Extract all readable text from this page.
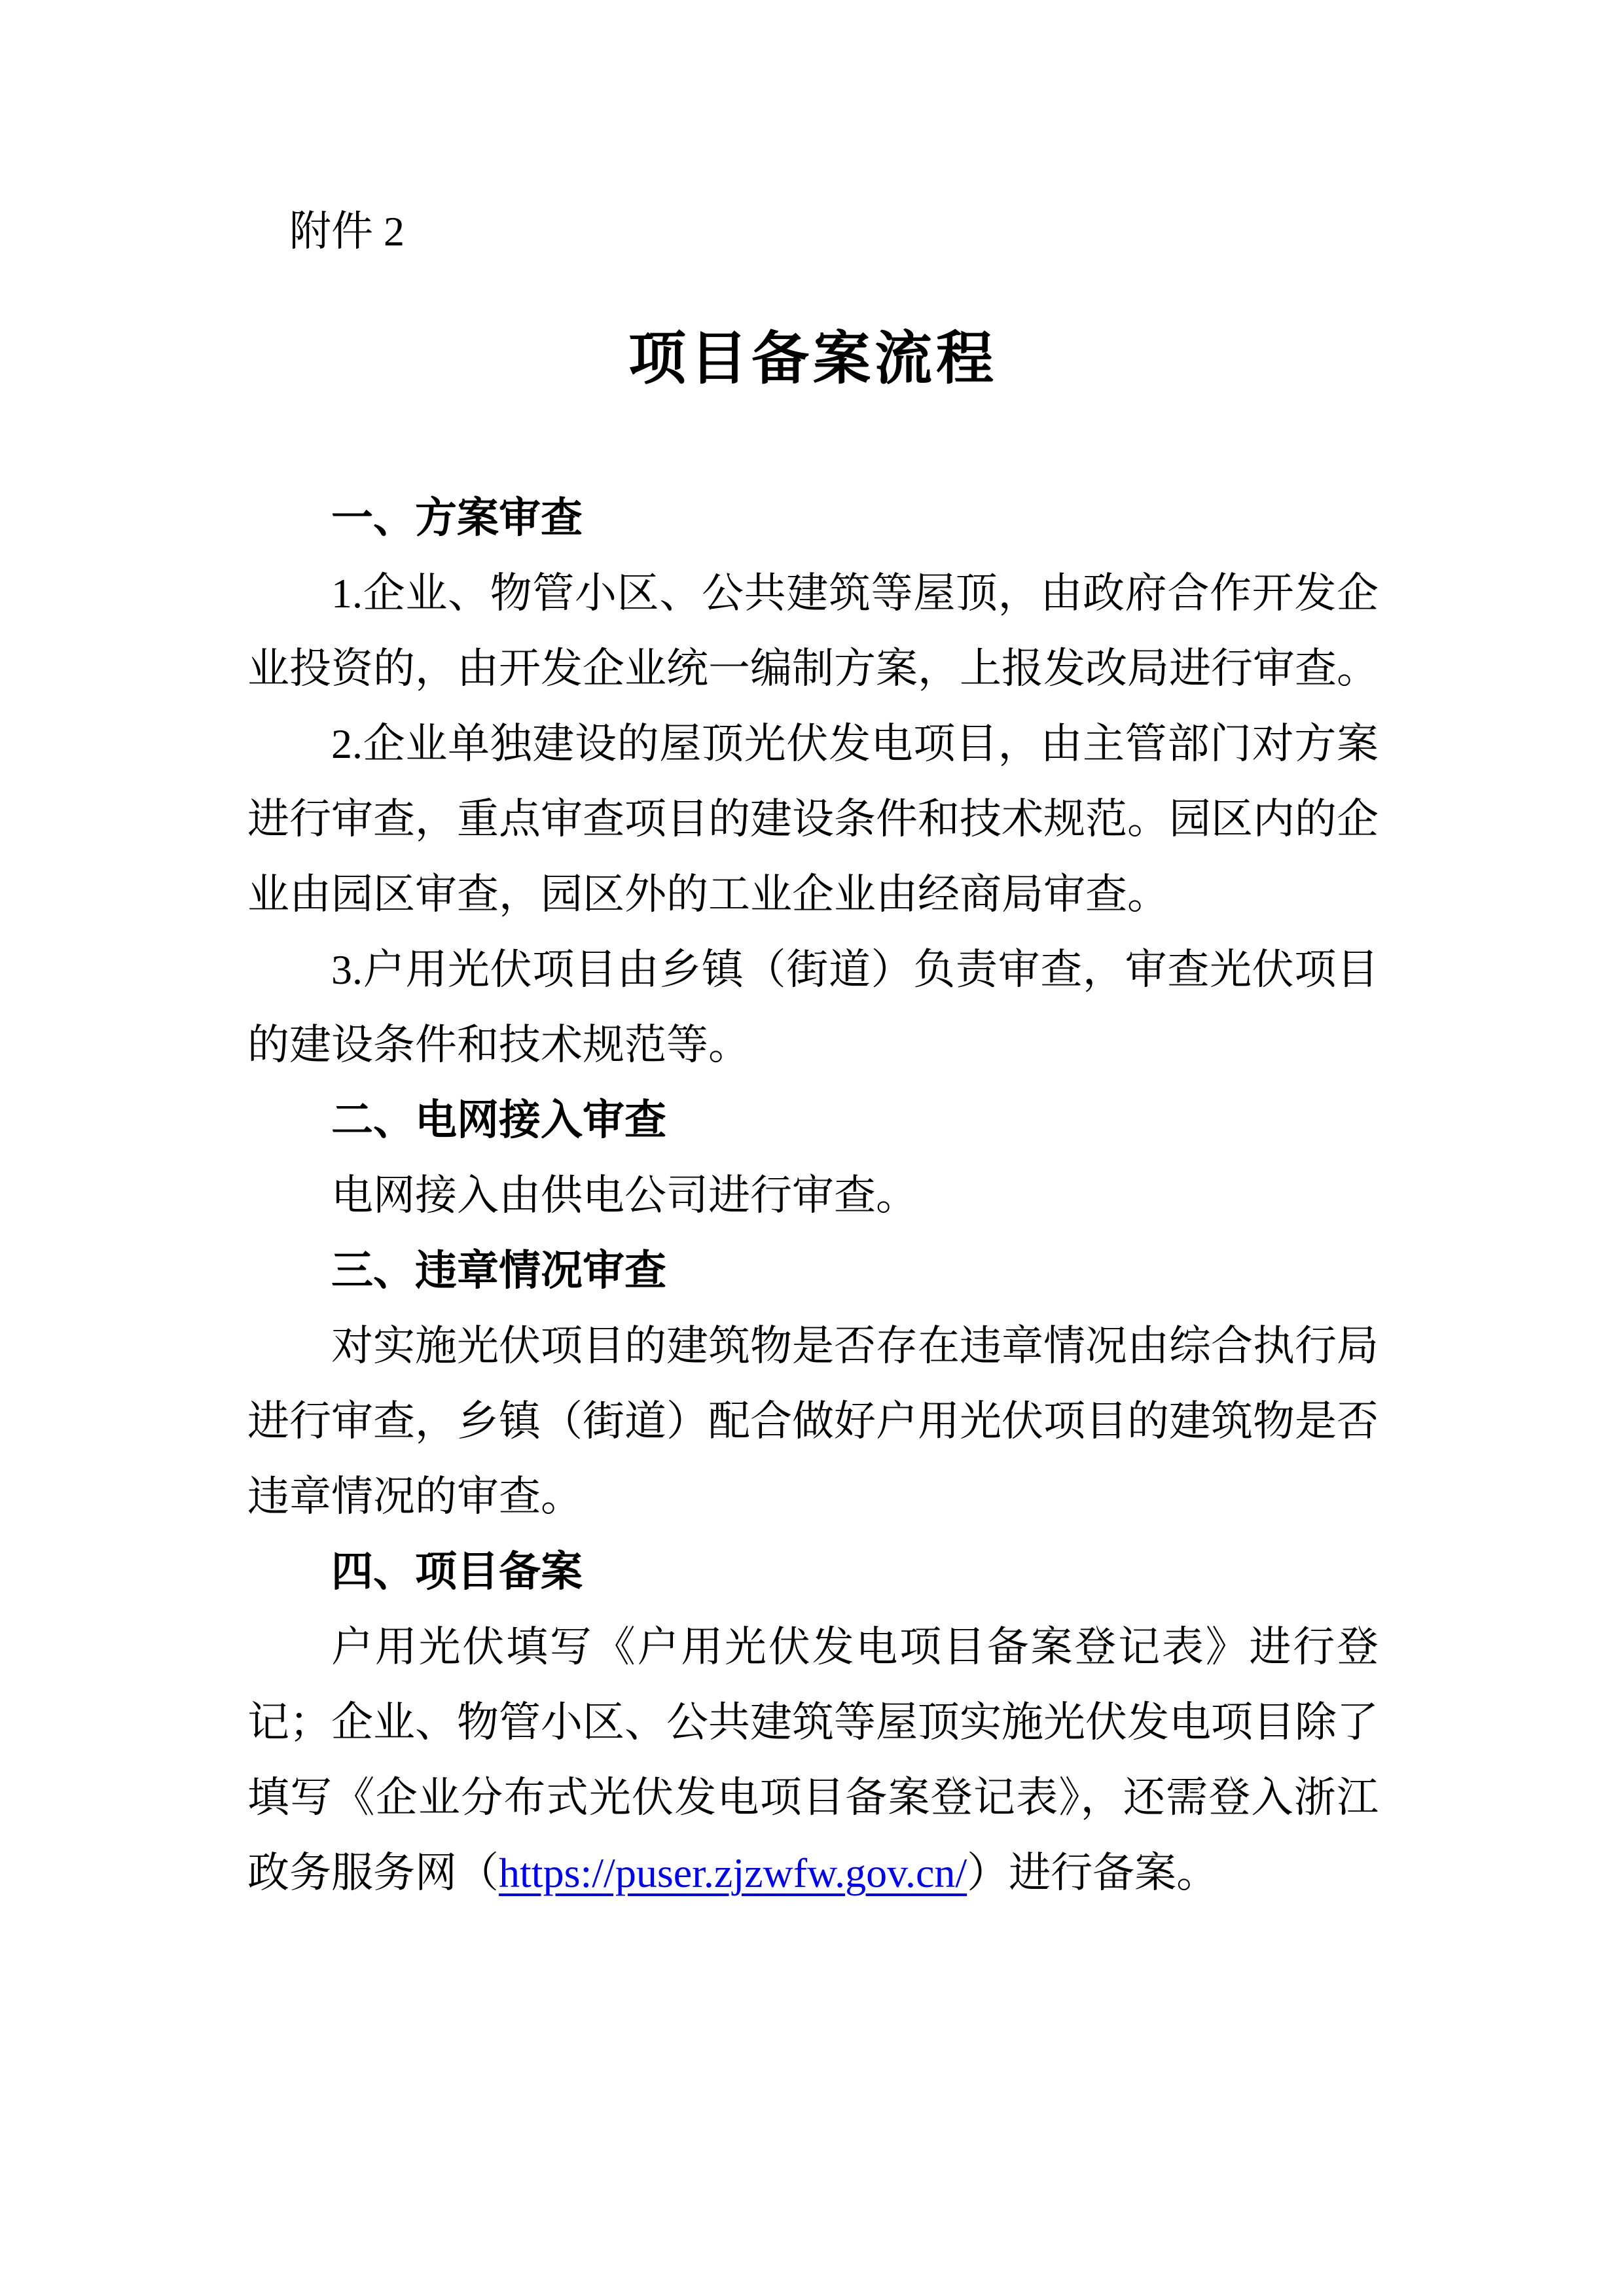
附件 2
项目备案流程
一、方案审查

1.企业、物管小区、公共建筑等屋顶，由政府合作开发企业投资的，由开发企业统一编制方案，上报发改局进行审查。

2.企业单独建设的屋顶光伏发电项目，由主管部门对方案进行审查，重点审查项目的建设条件和技术规范。园区内的企业由园区审查，园区外的工业企业由经商局审查。

3.户用光伏项目由乡镇（街道）负责审查，审查光伏项目的建设条件和技术规范等。

二、电网接入审查

电网接入由供电公司进行审查。

三、违章情况审查

对实施光伏项目的建筑物是否存在违章情况由综合执行局进行审查，乡镇（街道）配合做好户用光伏项目的建筑物是否违章情况的审查。

四、项目备案

户用光伏填写《户用光伏发电项目备案登记表》进行登记；企业、物管小区、公共建筑等屋顶实施光伏发电项目除了填写《企业分布式光伏发电项目备案登记表》，还需登入浙江政务服务网（https://puser.zjzwfw.gov.cn/）进行备案。
